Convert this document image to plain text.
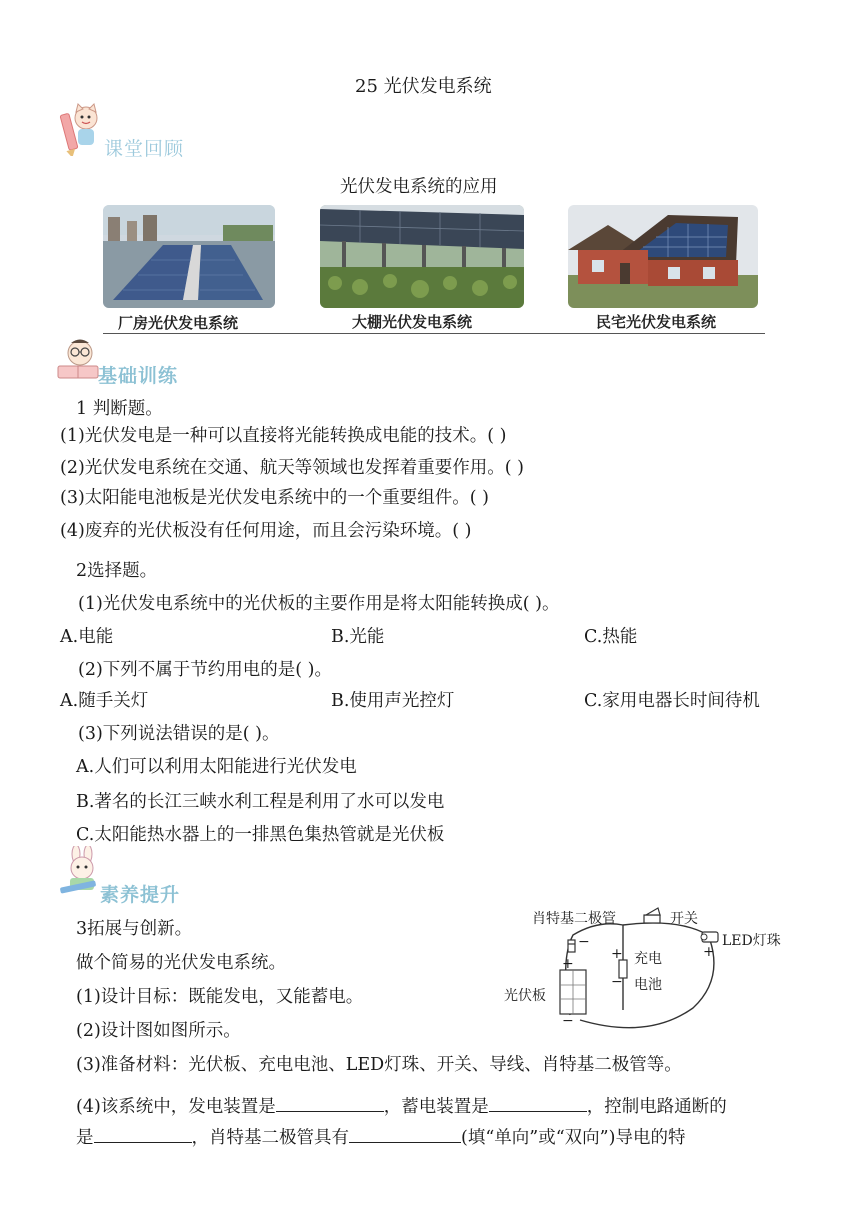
25 光伏发电系统
课堂回顾
光伏发电系统的应用
厂房光伏发电系统	大棚光伏发电系统	民宅光伏发电系统
基础训练
1 判断题。
(1)光伏发电是一种可以直接将光能转换成电能的技术。( )
(2)光伏发电系统在交通、航天等领域也发挥着重要作用。( )
(3)太阳能电池板是光伏发电系统中的一个重要组件。( )
(4)废弃的光伏板没有任何用途，而且会污染环境。( )
2选择题。
(1)光伏发电系统中的光伏板的主要作用是将太阳能转换成( )。
A.电能	B.光能	C.热能
(2)下列不属于节约用电的是( )。
A.随手关灯	B.使用声光控灯	C.家用电器长时间待机
(3)下列说法错误的是( )。
A.人们可以利用太阳能进行光伏发电
B.著名的长江三峡水利工程是利用了水可以发电
C.太阳能热水器上的一排黑色集热管就是光伏板
素养提升
3拓展与创新。
做个简易的光伏发电系统。
(1)设计目标：既能发电，又能蓄电。
(2)设计图如图所示。
(3)准备材料：光伏板、充电电池、LED灯珠、开关、导线、肖特基二极管等。
(4)该系统中，发电装置是	，蓄电装置是	，控制电路通断的
是	，肖特基二极管具有	(填“单向”或“双向”)导电的特
肖特基二极管	开关
LED灯珠
充电
电池
光伏板
+
−
+
−
+
−
